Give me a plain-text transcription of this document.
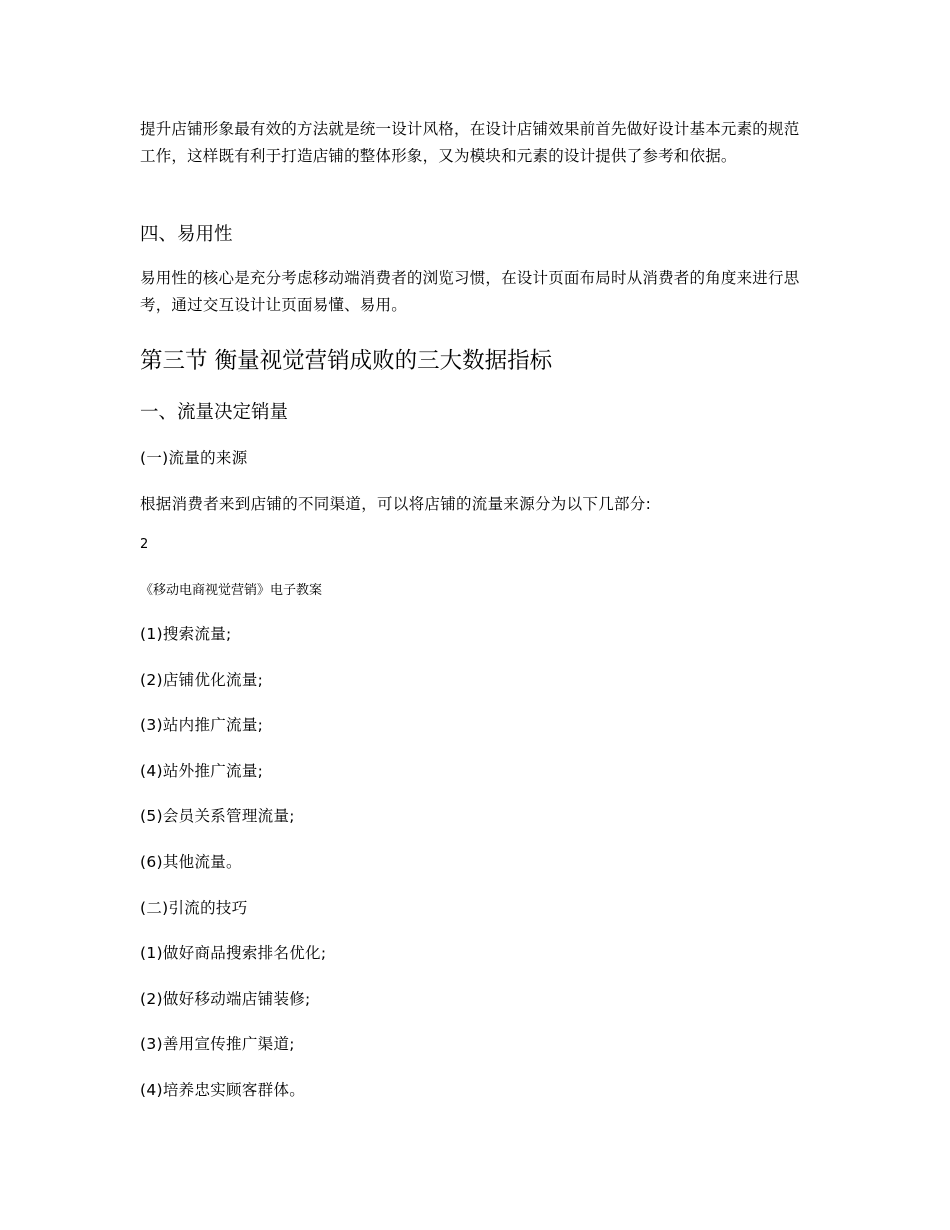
提升店铺形象最有效的方法就是统一设计风格，在设计店铺效果前首先做好设计基本元素的规范工作，这样既有利于打造店铺的整体形象，又为模块和元素的设计提供了参考和依据。

四、易用性

易用性的核心是充分考虑移动端消费者的浏览习惯，在设计页面布局时从消费者的角度来进行思考，通过交互设计让页面易懂、易用。

第三节 衡量视觉营销成败的三大数据指标
一、流量决定销量
(一)流量的来源
根据消费者来到店铺的不同渠道，可以将店铺的流量来源分为以下几部分:
2
《移动电商视觉营销》电子教案
(1)搜索流量;
(2)店铺优化流量;
(3)站内推广流量;
(4)站外推广流量;
(5)会员关系管理流量;
(6)其他流量。
(二)引流的技巧
(1)做好商品搜索排名优化;
(2)做好移动端店铺装修;
(3)善用宣传推广渠道;
(4)培养忠实顾客群体。
